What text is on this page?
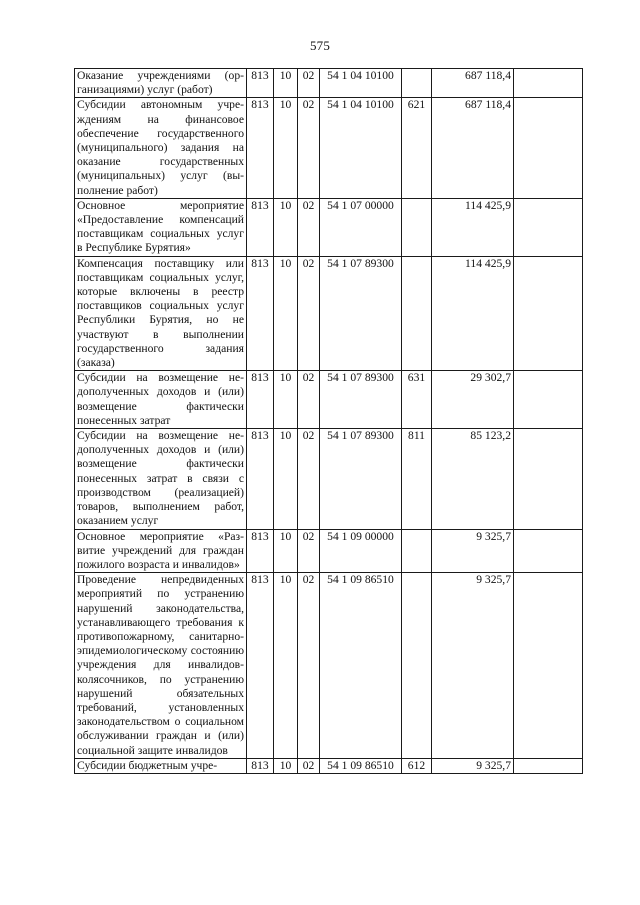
575
Оказание учреждениями (организациями) услуг (работ)	813	10	02	54 1 04 10100		687 118,4	
Субсидии автономным учреждениям на финансовое обеспечение государственного (муниципального) задания на оказание государственных (муниципальных) услуг (выполнение работ)	813	10	02	54 1 04 10100	621	687 118,4	
Основное мероприятие «Предоставление компенсаций поставщикам социальных услуг в Республике Бурятия»	813	10	02	54 1 07 00000		114 425,9	
Компенсация поставщику или поставщикам социальных услуг, которые включены в реестр поставщиков социальных услуг Республики Бурятия, но не участвуют в выполнении государственного задания (заказа)	813	10	02	54 1 07 89300		114 425,9	
Субсидии на возмещение недополученных доходов и (или) возмещение фактически понесенных затрат	813	10	02	54 1 07 89300	631	29 302,7	
Субсидии на возмещение недополученных доходов и (или) возмещение фактически понесенных затрат в связи с производством (реализацией) товаров, выполнением работ, оказанием услуг	813	10	02	54 1 07 89300	811	85 123,2	
Основное мероприятие «Развитие учреждений для граждан пожилого возраста и инвалидов»	813	10	02	54 1 09 00000		9 325,7	
Проведение непредвиденных мероприятий по устранению нарушений законодательства, устанавливающего требования к противопожарному, санитарно-эпидемиологическому состоянию учреждения для инвалидов-колясочников, по устранению нарушений обязательных требований, установленных законодательством о социальном обслуживании граждан и (или) социальной защите инвалидов	813	10	02	54 1 09 86510		9 325,7	
Субсидии бюджетным учре-	813	10	02	54 1 09 86510	612	9 325,7	
